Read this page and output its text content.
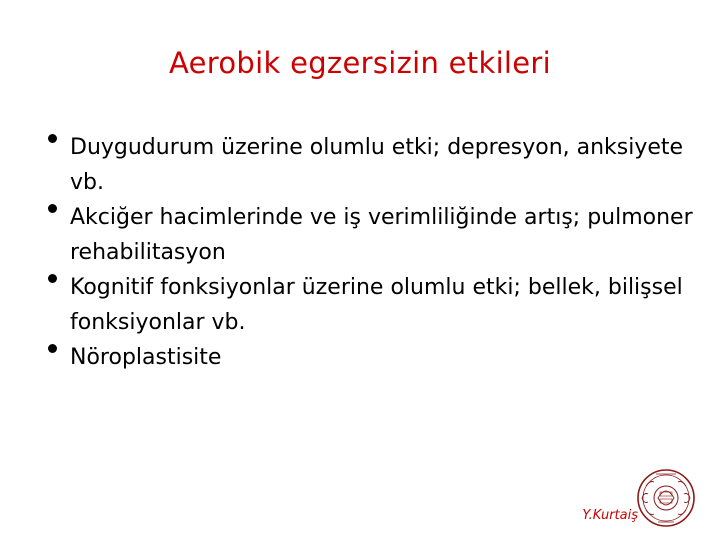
Aerobik egzersizin etkileri
Duygudurum üzerine olumlu etki; depresyon, anksiyete vb.
Akciğer hacimlerinde ve iş verimliliğinde artış; pulmoner rehabilitasyon
Kognitif fonksiyonlar üzerine olumlu etki; bellek, bilişsel fonksiyonlar vb.
Nöroplastisite
Y.Kurtaiş
